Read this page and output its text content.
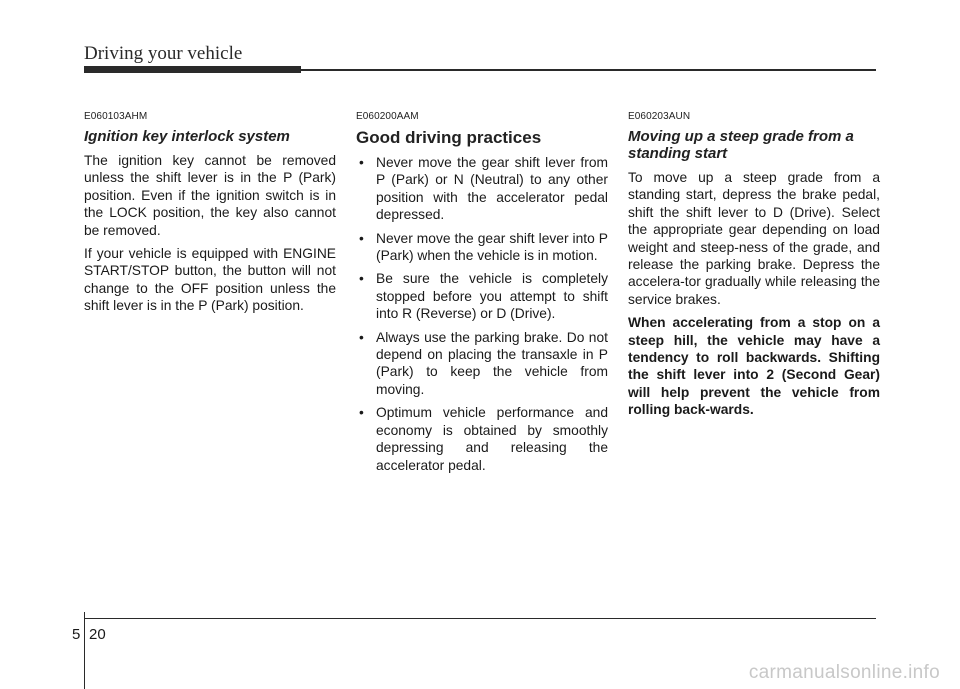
Driving your vehicle
E060103AHM
Ignition key interlock system

The ignition key cannot be removed unless the shift lever is in the P (Park) position. Even if the ignition switch is in the LOCK position, the key also cannot be removed.

If your vehicle is equipped with ENGINE START/STOP button, the button will not change to the OFF position unless the shift lever is in the P (Park) position.

E060200AAM
Good driving practices
• Never move the gear shift lever from P (Park) or N (Neutral) to any other position with the accelerator pedal depressed.
• Never move the gear shift lever into P (Park) when the vehicle is in motion.
• Be sure the vehicle is completely stopped before you attempt to shift into R (Reverse) or D (Drive).
• Always use the parking brake. Do not depend on placing the transaxle in P (Park) to keep the vehicle from moving.
• Optimum vehicle performance and economy is obtained by smoothly depressing and releasing the accelerator pedal.
E060203AUN
Moving up a steep grade from a standing start

To move up a steep grade from a standing start, depress the brake pedal, shift the shift lever to D (Drive). Select the appropriate gear depending on load weight and steep-ness of the grade, and release the parking brake. Depress the accelera-tor gradually while releasing the service brakes.

When accelerating from a stop on a steep hill, the vehicle may have a tendency to roll backwards. Shifting the shift lever into 2 (Second Gear) will help prevent the vehicle from rolling back-wards.

5 20
carmanualsonline.info
